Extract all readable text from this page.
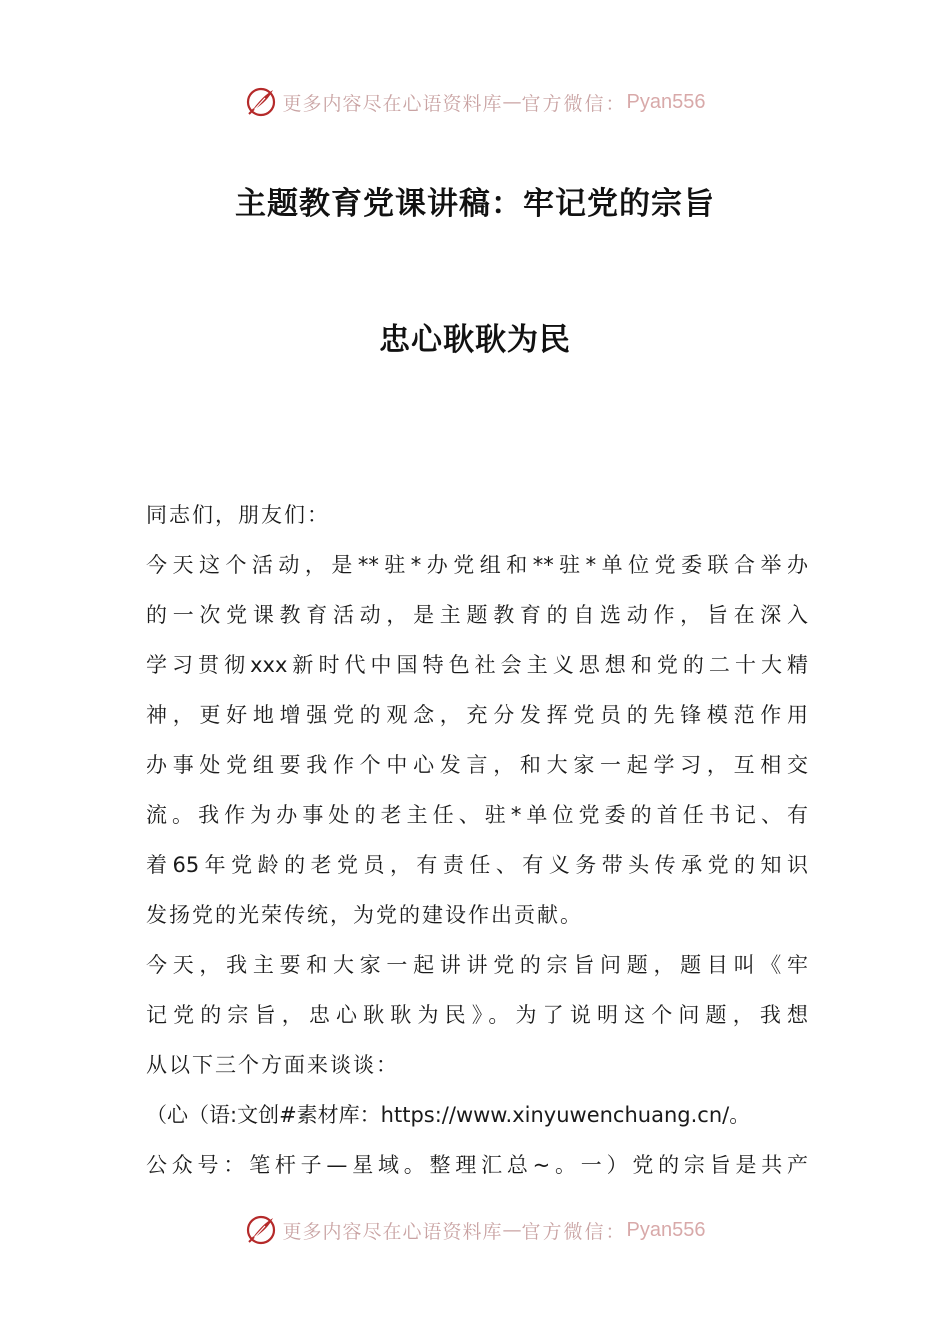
更多内容尽在心语资料库 — 官方微信： Pyan556
主题教育党课讲稿：牢记党的宗旨
忠心耿耿为民
同志们，朋友们：
今天这个活动，是**驻*办党组和**驻*单位党委联合举办
的一次党课教育活动，是主题教育的自选动作，旨在深入
学习贯彻xxx新时代中国特色社会主义思想和党的二十大精
神，更好地增强党的观念，充分发挥党员的先锋模范作用
办事处党组要我作个中心发言，和大家一起学习，互相交
流。我作为办事处的老主任、驻*单位党委的首任书记、有
着65年党龄的老党员，有责任、有义务带头传承党的知识
发扬党的光荣传统，为党的建设作出贡献。
今天，我主要和大家一起讲讲党的宗旨问题，题目叫《牢
记党的宗旨，忠心耿耿为民》。为了说明这个问题，我想
从以下三个方面来谈谈：
（心（语:文创#素材库：https://www.xinyuwenchuang.cn/。
公众号：笔杆子—星域。整理汇总~。一）党的宗旨是共产
更多内容尽在心语资料库 — 官方微信： Pyan556
